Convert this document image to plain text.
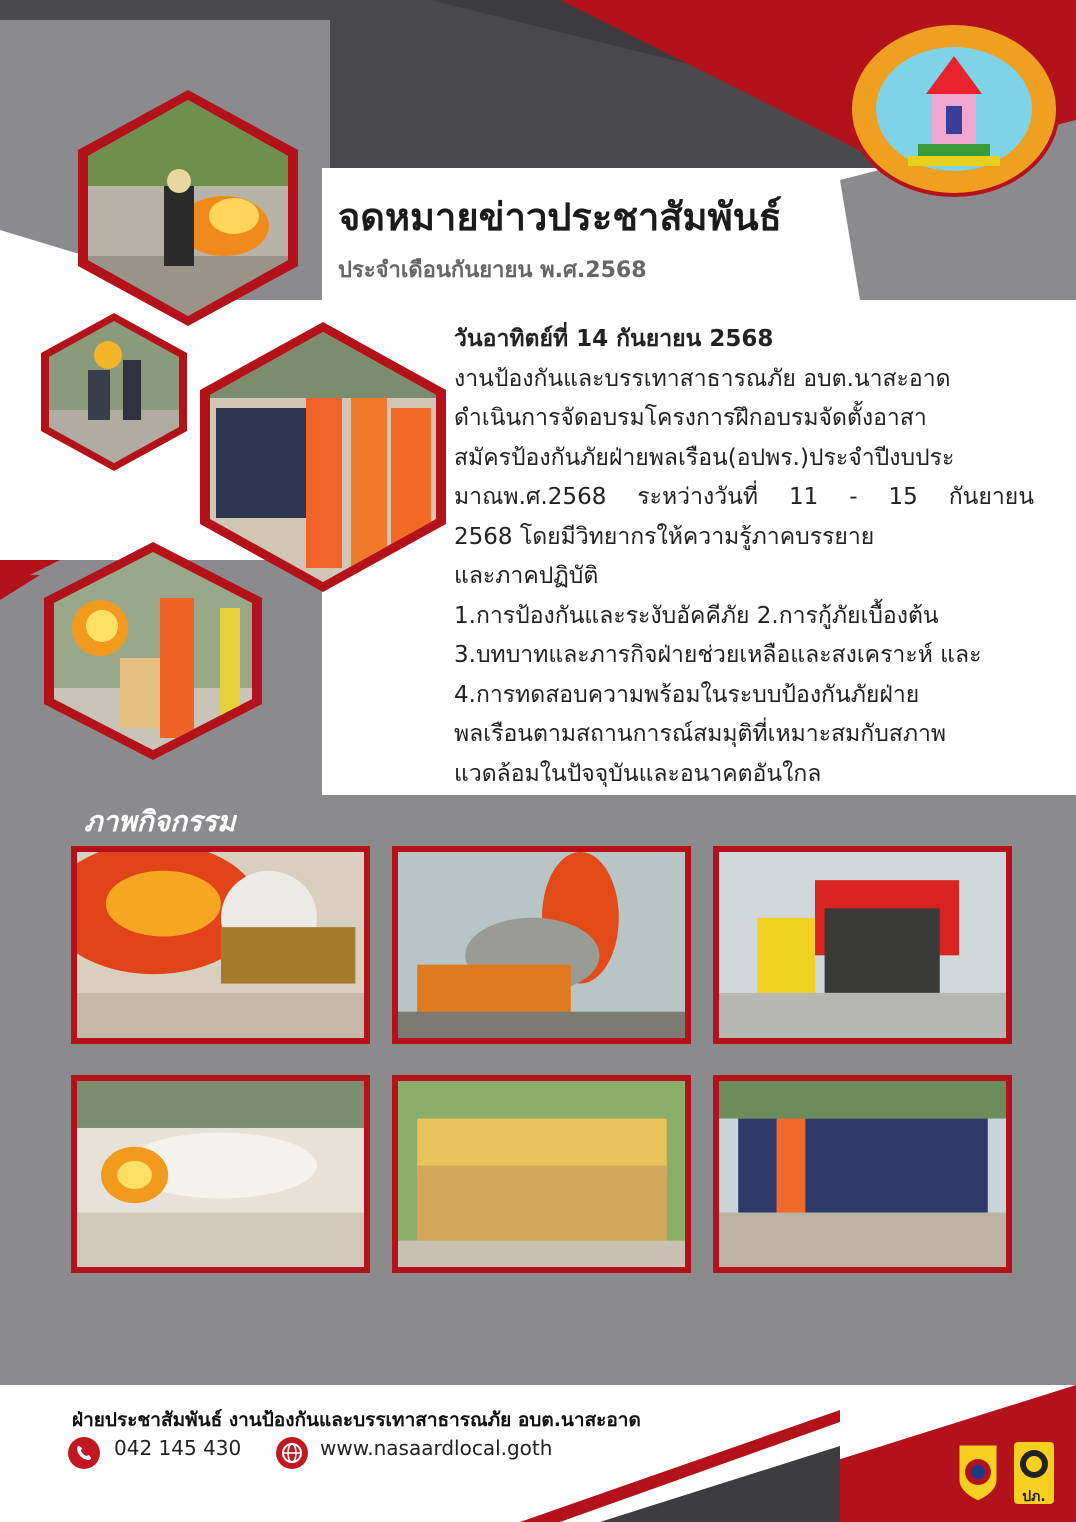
จดหมายข่าวประชาสัมพันธ์
ประจำเดือนกันยายน พ.ศ.2568

วันอาทิตย์ที่ 14 กันยายน 2568

งานป้องกันและบรรเทาสาธารณภัย อบต.นาสะอาด

ดำเนินการจัดอบรมโครงการฝึกอบรมจัดตั้งอาสา

สมัครป้องกันภัยฝ่ายพลเรือน(อปพร.)ประจำปีงบประ

มาณพ.ศ.2568 ระหว่างวันที่ 11 - 15 กันยายน

2568 โดยมีวิทยากรให้ความรู้ภาคบรรยาย

และภาคปฏิบัติ

1.การป้องกันและระงับอัคคีภัย 2.การกู้ภัยเบื้องต้น

3.บทบาทและภารกิจฝ่ายช่วยเหลือและสงเคราะห์ และ

4.การทดสอบความพร้อมในระบบป้องกันภัยฝ่าย

พลเรือนตามสถานการณ์สมมุติที่เหมาะสมกับสภาพ

แวดล้อมในปัจจุบันและอนาคตอันใกล

ภาพกิจกรรม
ฝ่ายประชาสัมพันธ์ งานป้องกันและบรรเทาสาธารณภัย อบต.นาสะอาด
042 145 430	www.nasaardlocal.goth
ปภ.
